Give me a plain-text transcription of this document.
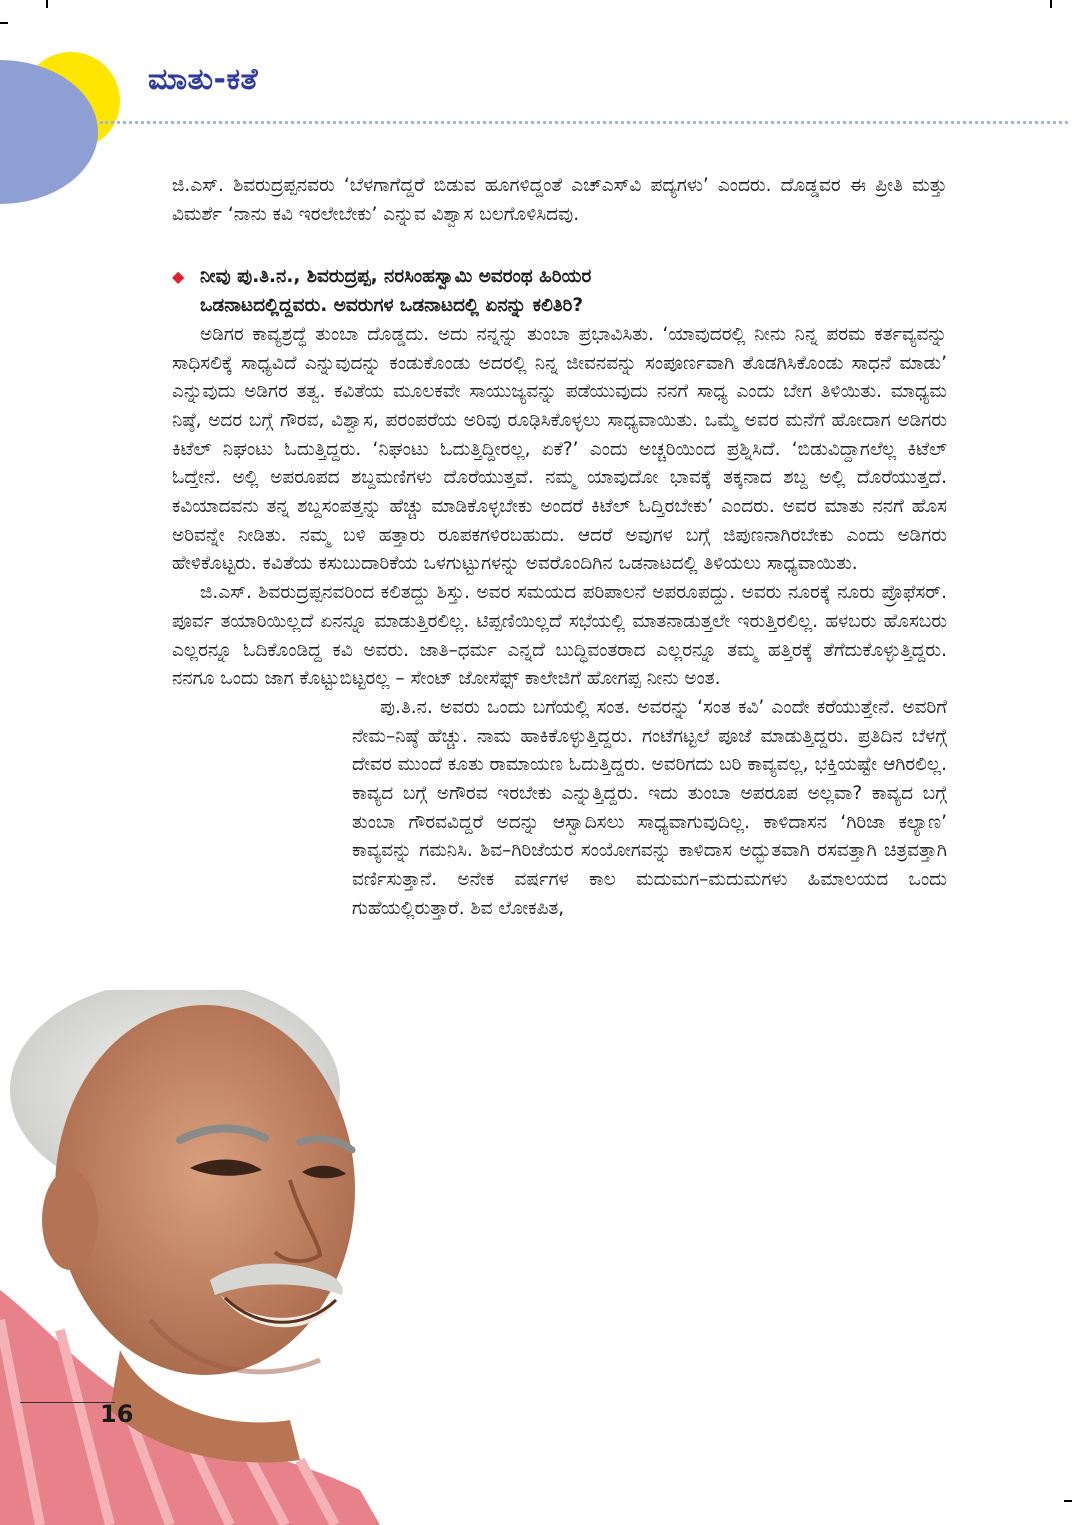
ಮಾತು-ಕತೆ

ಜಿ.ಎಸ್. ಶಿವರುದ್ರಪ್ಪನವರು ‘ಬೆಳಗಾಗೆದ್ದರೆ ಬಿಡುವ ಹೂಗಳಿದ್ದಂತೆ ಎಚ್‌ಎಸ್‌ವಿ ಪದ್ಯಗಳು’ ಎಂದರು. ದೊಡ್ಡವರ ಈ ಪ್ರೀತಿ ಮತ್ತು ವಿಮರ್ಶೆ ‘ನಾನು ಕವಿ ಇರಲೇಬೇಕು’ ಎನ್ನುವ ವಿಶ್ವಾಸ ಬಲಗೊಳಿಸಿದವು.

◆ ನೀವು ಪು.ತಿ.ನ., ಶಿವರುದ್ರಪ್ಪ, ನರಸಿಂಹಸ್ವಾಮಿ ಅವರಂಥ ಹಿರಿಯರ
ಒಡನಾಟದಲ್ಲಿದ್ದವರು. ಅವರುಗಳ ಒಡನಾಟದಲ್ಲಿ ಏನನ್ನು ಕಲಿತಿರಿ?

ಅಡಿಗರ ಕಾವ್ಯಶ್ರದ್ಧೆ ತುಂಬಾ ದೊಡ್ಡದು. ಅದು ನನ್ನನ್ನು ತುಂಬಾ ಪ್ರಭಾವಿಸಿತು. ‘ಯಾವುದರಲ್ಲಿ ನೀನು ನಿನ್ನ ಪರಮ ಕರ್ತವ್ಯವನ್ನು ಸಾಧಿಸಲಿಕ್ಕೆ ಸಾಧ್ಯವಿದೆ ಎನ್ನುವುದನ್ನು ಕಂಡುಕೊಂಡು ಅದರಲ್ಲಿ ನಿನ್ನ ಜೀವನವನ್ನು ಸಂಪೂರ್ಣವಾಗಿ ತೊಡಗಿಸಿಕೊಂಡು ಸಾಧನೆ ಮಾಡು’ ಎನ್ನುವುದು ಅಡಿಗರ ತತ್ವ. ಕವಿತೆಯ ಮೂಲಕವೇ ಸಾಯುಜ್ಯವನ್ನು ಪಡೆಯುವುದು ನನಗೆ ಸಾಧ್ಯ ಎಂದು ಬೇಗ ತಿಳಿಯಿತು. ಮಾಧ್ಯಮ ನಿಷ್ಠೆ, ಅದರ ಬಗ್ಗೆ ಗೌರವ, ವಿಶ್ವಾಸ, ಪರಂಪರೆಯ ಅರಿವು ರೂಢಿಸಿಕೊಳ್ಳಲು ಸಾಧ್ಯವಾಯಿತು. ಒಮ್ಮೆ ಅವರ ಮನೆಗೆ ಹೋದಾಗ ಅಡಿಗರು ಕಿಟೆಲ್ ನಿಘಂಟು ಓದುತ್ತಿದ್ದರು. ‘ನಿಘಂಟು ಓದುತ್ತಿದ್ದೀರಲ್ಲ, ಏಕೆ?’ ಎಂದು ಅಚ್ಚರಿಯಿಂದ ಪ್ರಶ್ನಿಸಿದೆ. ‘ಬಿಡುವಿದ್ದಾಗಲೆಲ್ಲ ಕಿಟೆಲ್ ಓದ್ತೇನೆ. ಅಲ್ಲಿ ಅಪರೂಪದ ಶಬ್ದಮಣಿಗಳು ದೊರೆಯುತ್ತವೆ. ನಮ್ಮ ಯಾವುದೋ ಭಾವಕ್ಕೆ ತಕ್ಕನಾದ ಶಬ್ದ ಅಲ್ಲಿ ದೊರೆಯುತ್ತದೆ. ಕವಿಯಾದವನು ತನ್ನ ಶಬ್ದಸಂಪತ್ತನ್ನು ಹೆಚ್ಚು ಮಾಡಿಕೊಳ್ಳಬೇಕು ಅಂದರೆ ಕಿಟೆಲ್ ಓದ್ತಿರಬೇಕು’ ಎಂದರು. ಅವರ ಮಾತು ನನಗೆ ಹೊಸ ಅರಿವನ್ನೇ ನೀಡಿತು. ನಮ್ಮ ಬಳಿ ಹತ್ತಾರು ರೂಪಕಗಳಿರಬಹುದು. ಆದರೆ ಅವುಗಳ ಬಗ್ಗೆ ಜಿಪುಣನಾಗಿರಬೇಕು ಎಂದು ಅಡಿಗರು ಹೇಳಿಕೊಟ್ಟರು. ಕವಿತೆಯ ಕಸುಬುದಾರಿಕೆಯ ಒಳಗುಟ್ಟುಗಳನ್ನು ಅವರೊಂದಿಗಿನ ಒಡನಾಟದಲ್ಲಿ ತಿಳಿಯಲು ಸಾಧ್ಯವಾಯಿತು.

ಜಿ.ಎಸ್. ಶಿವರುದ್ರಪ್ಪನವರಿಂದ ಕಲಿತದ್ದು ಶಿಸ್ತು. ಅವರ ಸಮಯದ ಪರಿಪಾಲನೆ ಅಪರೂಪದ್ದು. ಅವರು ನೂರಕ್ಕೆ ನೂರು ಪ್ರೊಫೆಸರ್. ಪೂರ್ವ ತಯಾರಿಯಿಲ್ಲದೆ ಏನನ್ನೂ ಮಾಡುತ್ತಿರಲಿಲ್ಲ. ಟಿಪ್ಪಣಿಯಿಲ್ಲದೆ ಸಭೆಯಲ್ಲಿ ಮಾತನಾಡುತ್ತಲೇ ಇರುತ್ತಿರಲಿಲ್ಲ. ಹಳಬರು ಹೊಸಬರು ಎಲ್ಲರನ್ನೂ ಓದಿಕೊಂಡಿದ್ದ ಕವಿ ಅವರು. ಜಾತಿ–ಧರ್ಮ ಎನ್ನದೆ ಬುದ್ಧಿವಂತರಾದ ಎಲ್ಲರನ್ನೂ ತಮ್ಮ ಹತ್ತಿರಕ್ಕೆ ತೆಗೆದುಕೊಳ್ಳುತ್ತಿದ್ದರು. ನನಗೂ ಒಂದು ಜಾಗ ಕೊಟ್ಟುಬಿಟ್ಟರಲ್ಲ – ಸೇಂಟ್ ಜೋಸೆಫ್ಸ್ ಕಾಲೇಜಿಗೆ ಹೋಗಪ್ಪ ನೀನು ಅಂತ.

ಪು.ತಿ.ನ. ಅವರು ಒಂದು ಬಗೆಯಲ್ಲಿ ಸಂತ. ಅವರನ್ನು ‘ಸಂತ ಕವಿ’ ಎಂದೇ ಕರೆಯುತ್ತೇನೆ. ಅವರಿಗೆ ನೇಮ–ನಿಷ್ಠೆ ಹೆಚ್ಚು. ನಾಮ ಹಾಕಿಕೊಳ್ಳುತ್ತಿದ್ದರು. ಗಂಟೆಗಟ್ಟಲೆ ಪೂಜೆ ಮಾಡುತ್ತಿದ್ದರು. ಪ್ರತಿದಿನ ಬೆಳಗ್ಗೆ ದೇವರ ಮುಂದೆ ಕೂತು ರಾಮಾಯಣ ಓದುತ್ತಿದ್ದರು. ಅವರಿಗದು ಬರಿ ಕಾವ್ಯವಲ್ಲ, ಭಕ್ತಿಯಷ್ಟೇ ಆಗಿರಲಿಲ್ಲ. ಕಾವ್ಯದ ಬಗ್ಗೆ ಅಗೌರವ ಇರಬೇಕು ಎನ್ನುತ್ತಿದ್ದರು. ಇದು ತುಂಬಾ ಅಪರೂಪ ಅಲ್ಲವಾ? ಕಾವ್ಯದ ಬಗ್ಗೆ ತುಂಬಾ ಗೌರವವಿದ್ದರೆ ಅದನ್ನು ಆಸ್ವಾದಿಸಲು ಸಾಧ್ಯವಾಗುವುದಿಲ್ಲ. ಕಾಳಿದಾಸನ ‘ಗಿರಿಜಾ ಕಲ್ಯಾಣ’ ಕಾವ್ಯವನ್ನು ಗಮನಿಸಿ. ಶಿವ–ಗಿರಿಜೆಯರ ಸಂಯೋಗವನ್ನು ಕಾಳಿದಾಸ ಅದ್ಭುತವಾಗಿ ರಸವತ್ತಾಗಿ ಚಿತ್ರವತ್ತಾಗಿ ವರ್ಣಿಸುತ್ತಾನೆ. ಅನೇಕ ವರ್ಷಗಳ ಕಾಲ ಮದುಮಗ–ಮದುಮಗಳು ಹಿಮಾಲಯದ ಒಂದು ಗುಹೆಯಲ್ಲಿರುತ್ತಾರೆ. ಶಿವ ಲೋಕಪಿತ,

16
